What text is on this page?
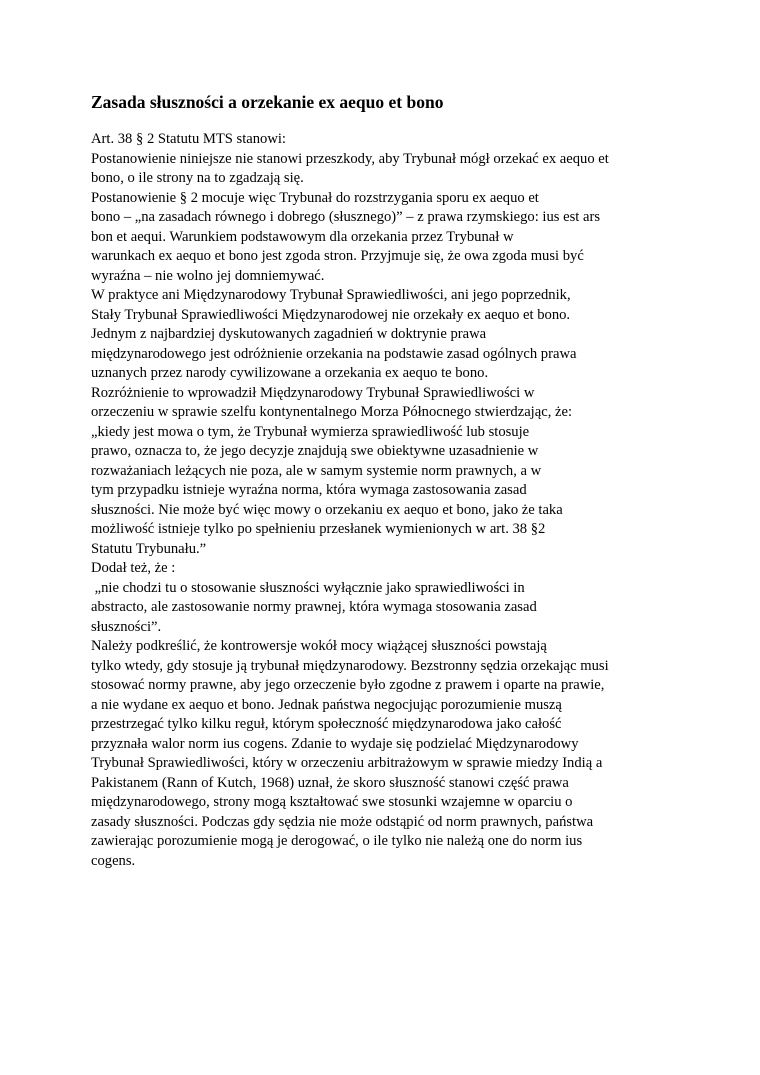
Zasada słuszności a orzekanie ex aequo et bono
Art. 38 § 2 Statutu MTS stanowi:
Postanowienie niniejsze nie stanowi przeszkody, aby Trybunał mógł orzekać ex aequo et
bono, o ile strony na to zgadzają się.
Postanowienie § 2 mocuje więc Trybunał do rozstrzygania sporu ex aequo et
bono – „na zasadach równego i dobrego (słusznego)” – z prawa rzymskiego: ius est ars
bon et aequi. Warunkiem podstawowym dla orzekania przez Trybunał w
warunkach ex aequo et bono jest zgoda stron. Przyjmuje się, że owa zgoda musi być
wyraźna – nie wolno jej domniemywać.
W praktyce ani Międzynarodowy Trybunał Sprawiedliwości, ani jego poprzednik,
Stały Trybunał Sprawiedliwości Międzynarodowej nie orzekały ex aequo et bono.
Jednym z najbardziej dyskutowanych zagadnień w doktrynie prawa
międzynarodowego jest odróżnienie orzekania na podstawie zasad ogólnych prawa
uznanych przez narody cywilizowane a orzekania ex aequo te bono.
Rozróżnienie to wprowadził Międzynarodowy Trybunał Sprawiedliwości w
orzeczeniu w sprawie szelfu kontynentalnego Morza Północnego stwierdzając, że:
„kiedy jest mowa o tym, że Trybunał wymierza sprawiedliwość lub stosuje
prawo, oznacza to, że jego decyzje znajdują swe obiektywne uzasadnienie w
rozważaniach leżących nie poza, ale w samym systemie norm prawnych, a w
tym przypadku istnieje wyraźna norma, która wymaga zastosowania zasad
słuszności. Nie może być więc mowy o orzekaniu ex aequo et bono, jako że taka
możliwość istnieje tylko po spełnieniu przesłanek wymienionych w art. 38 §2
Statutu Trybunału.”
Dodał też, że :
„nie chodzi tu o stosowanie słuszności wyłącznie jako sprawiedliwości in
abstracto, ale zastosowanie normy prawnej, która wymaga stosowania zasad
słuszności”.
Należy podkreślić, że kontrowersje wokół mocy wiążącej słuszności powstają
tylko wtedy, gdy stosuje ją trybunał międzynarodowy. Bezstronny sędzia orzekając musi
stosować normy prawne, aby jego orzeczenie było zgodne z prawem i oparte na prawie,
a nie wydane ex aequo et bono. Jednak państwa negocjując porozumienie muszą
przestrzegać tylko kilku reguł, którym społeczność międzynarodowa jako całość
przyznała walor norm ius cogens. Zdanie to wydaje się podzielać Międzynarodowy
Trybunał Sprawiedliwości, który w orzeczeniu arbitrażowym w sprawie miedzy Indią a
Pakistanem (Rann of Kutch, 1968) uznał, że skoro słuszność stanowi część prawa
międzynarodowego, strony mogą kształtować swe stosunki wzajemne w oparciu o
zasady słuszności. Podczas gdy sędzia nie może odstąpić od norm prawnych, państwa
zawierając porozumienie mogą je derogować, o ile tylko nie należą one do norm ius
cogens.
